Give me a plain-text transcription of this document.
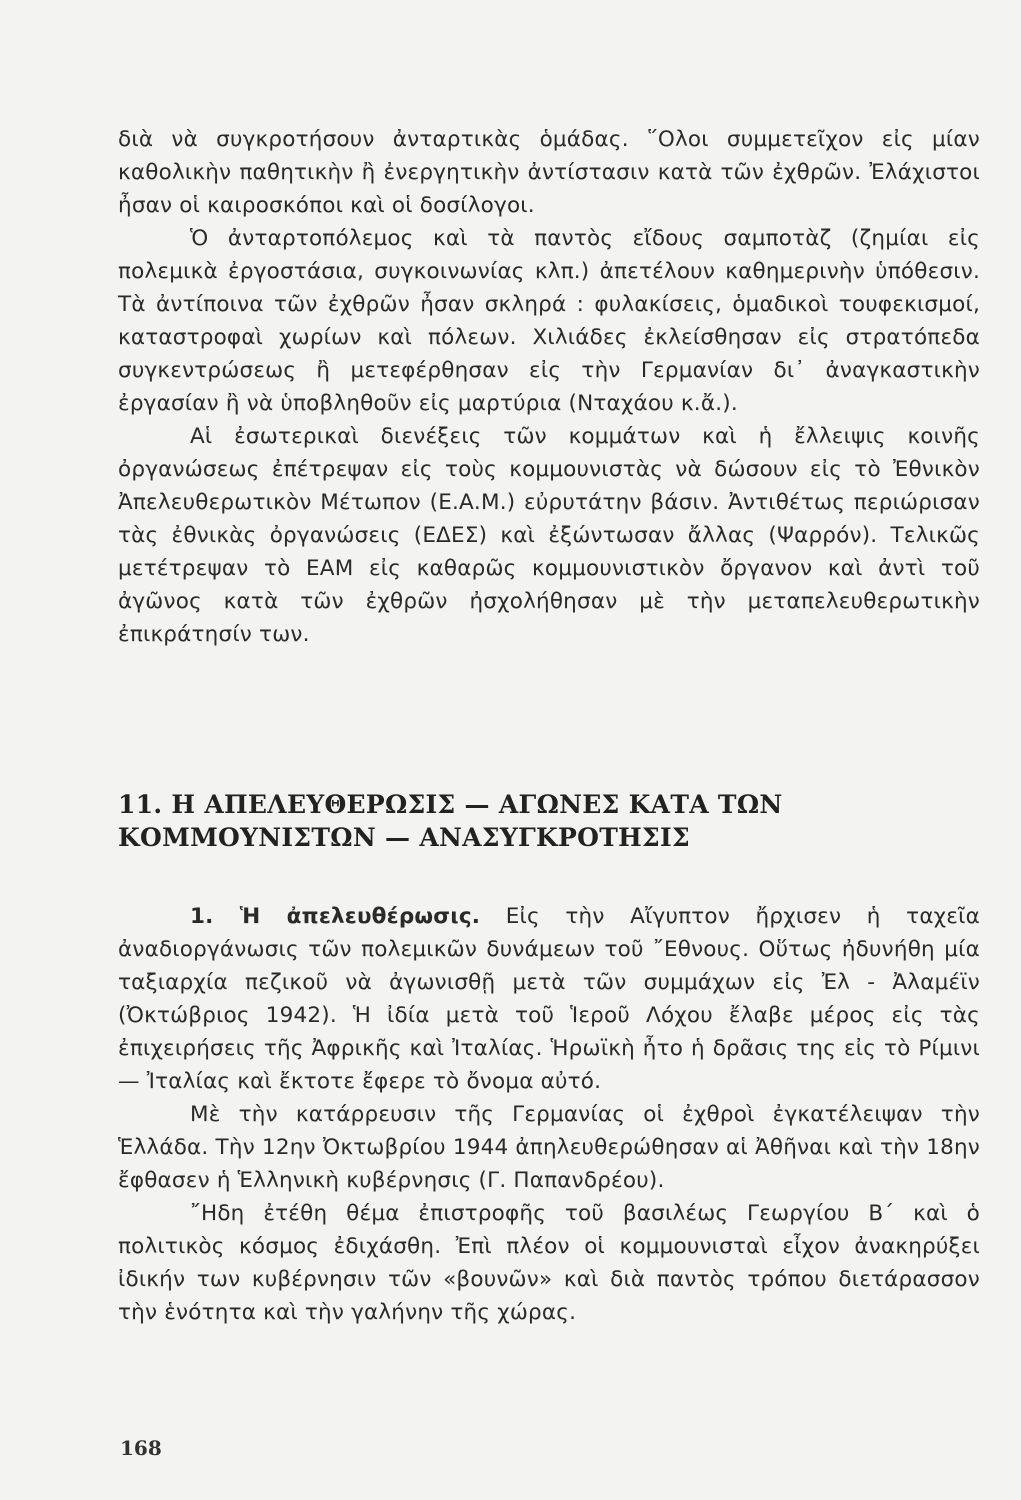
διὰ νὰ συγκροτήσουν ἀνταρτικὰς ὁμάδας. ῞Ολοι συμμετεῖχον εἰς μίαν καθολικὴν παθητικὴν ἢ ἐνεργητικὴν ἀντίστασιν κατὰ τῶν ἐχθρῶν. Ἐλάχιστοι ἦσαν οἱ καιροσκόποι καὶ οἱ δοσίλογοι.

Ὁ ἀνταρτοπόλεμος καὶ τὰ παντὸς εἴδους σαμποτὰζ (ζημίαι εἰς πολεμικὰ ἐργοστάσια, συγκοινωνίας κλπ.) ἀπετέλουν καθημερινὴν ὑπόθεσιν. Τὰ ἀντίποινα τῶν ἐχθρῶν ἦσαν σκληρά : φυλακίσεις, ὁμαδικοὶ τουφεκισμοί, καταστροφαὶ χωρίων καὶ πόλεων. Χιλιάδες ἐκλείσθησαν εἰς στρατόπεδα συγκεντρώσεως ἢ μετεφέρθησαν εἰς τὴν Γερμανίαν δι᾽ ἀναγκαστικὴν ἐργασίαν ἢ νὰ ὑποβληθοῦν εἰς μαρτύρια (Νταχάου κ.ἄ.).

Αἱ ἐσωτερικαὶ διενέξεις τῶν κομμάτων καὶ ἡ ἔλλειψις κοινῆς ὀργανώσεως ἐπέτρεψαν εἰς τοὺς κομμουνιστὰς νὰ δώσουν εἰς τὸ Ἐθνικὸν Ἀπελευθερωτικὸν Μέτωπον (Ε.Α.Μ.) εὐρυτάτην βάσιν. Ἀντιθέτως περιώρισαν τὰς ἐθνικὰς ὀργανώσεις (ΕΔΕΣ) καὶ ἐξώντωσαν ἄλλας (Ψαρρόν). Τελικῶς μετέτρεψαν τὸ ΕΑΜ εἰς καθαρῶς κομμουνιστικὸν ὄργανον καὶ ἀντὶ τοῦ ἀγῶνος κατὰ τῶν ἐχθρῶν ἠσχολήθησαν μὲ τὴν μεταπελευθερωτικὴν ἐπικράτησίν των.

11. Η ΑΠΕΛΕΥΘΕΡΩΣΙΣ — ΑΓΩΝΕΣ ΚΑΤΑ ΤΩΝ ΚΟΜΜΟΥΝΙΣΤΩΝ — ΑΝΑΣΥΓΚΡΟΤΗΣΙΣ

1. Ἡ ἀπελευθέρωσις. Εἰς τὴν Αἴγυπτον ἤρχισεν ἡ ταχεῖα ἀναδιοργάνωσις τῶν πολεμικῶν δυνάμεων τοῦ ῎Εθνους. Οὕτως ἠδυνήθη μία ταξιαρχία πεζικοῦ νὰ ἀγωνισθῇ μετὰ τῶν συμμάχων εἰς Ἐλ - Ἀλαμέϊν (Ὀκτώβριος 1942). Ἡ ἰδία μετὰ τοῦ Ἱεροῦ Λόχου ἔλαβε μέρος εἰς τὰς ἐπιχειρήσεις τῆς Ἀφρικῆς καὶ Ἰταλίας. Ἡρωϊκὴ ἦτο ἡ δρᾶσις της εἰς τὸ Ρίμινι — Ἰταλίας καὶ ἔκτοτε ἔφερε τὸ ὄνομα αὐτό.

Μὲ τὴν κατάρρευσιν τῆς Γερμανίας οἱ ἐχθροὶ ἐγκατέλειψαν τὴν Ἑλλάδα. Τὴν 12ην Ὀκτωβρίου 1944 ἀπηλευθερώθησαν αἱ Ἀθῆναι καὶ τὴν 18ην ἔφθασεν ἡ Ἑλληνικὴ κυβέρνησις (Γ. Παπανδρέου).

῎Ηδη ἐτέθη θέμα ἐπιστροφῆς τοῦ βασιλέως Γεωργίου Β΄ καὶ ὁ πολιτικὸς κόσμος ἐδιχάσθη. Ἐπὶ πλέον οἱ κομμουνισταὶ εἶχον ἀνακηρύξει ἰδικήν των κυβέρνησιν τῶν «βουνῶν» καὶ διὰ παντὸς τρόπου διετάρασσον τὴν ἑνότητα καὶ τὴν γαλήνην τῆς χώρας.

168
